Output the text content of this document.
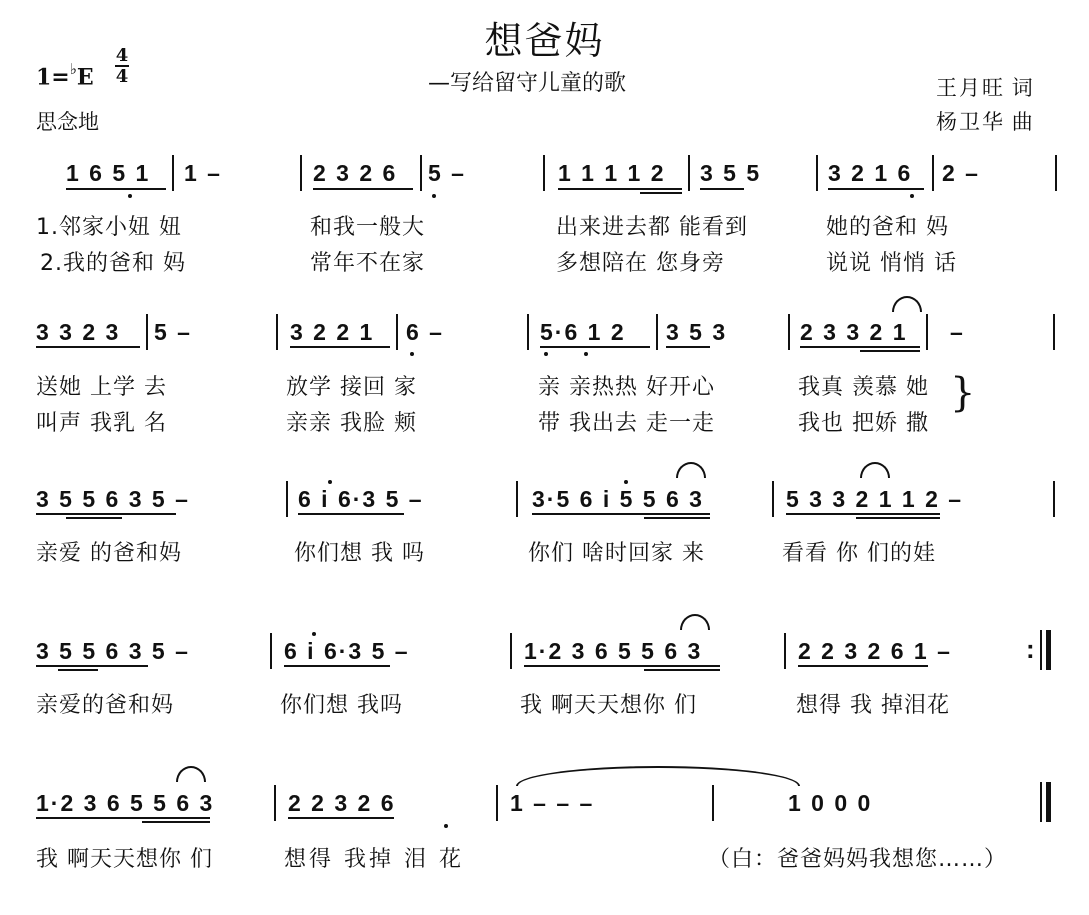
想爸妈
—写给留守儿童的歌
1=♭E
4
4
思念地
王月旺 词
杨卫华 曲
1 6 5 1 1 –	2 3 2 6 5 –	1 1 1 1 2 3 5 5	3 2 1 6 2 –
1.邻家小妞 妞	和我一般大	出来进去都 能看到	她的爸和 妈
2.我的爸和 妈	常年不在家	多想陪在 您身旁	说说 悄悄 话
3 3 2 3 5 –	3 2 2 1 6 –	5·6 1 2 3 5 3	2 3 3 2 1 –
送她 上学 去	放学 接回 家	亲 亲热热 好开心	我真 羡慕 她
叫声 我乳 名	亲亲 我脸 颊	带 我出去 走一走	我也 把娇 撒
}
3 5 5 6 3 5 –	6 i 6·3 5 –	3·5 6 i 5 5 6 3	5 3 3 2 1 1 2 –
亲爱 的爸和妈	你们想 我 吗	你们 啥时回家 来	看看 你 们的娃
3 5 5 6 3 5 –	6 i 6·3 5 –	1·2 3 6 5 5 6 3	2 2 3 2 6 1 –	:
亲爱的爸和妈	你们想 我吗	我 啊天天想你 们	想得 我 掉泪花
1·2 3 6 5 5 6 3	2 2 3 2 6	1 – – –	1 0 0 0
我 啊天天想你 们	想得 我掉 泪 花	（白：爸爸妈妈我想您……）
